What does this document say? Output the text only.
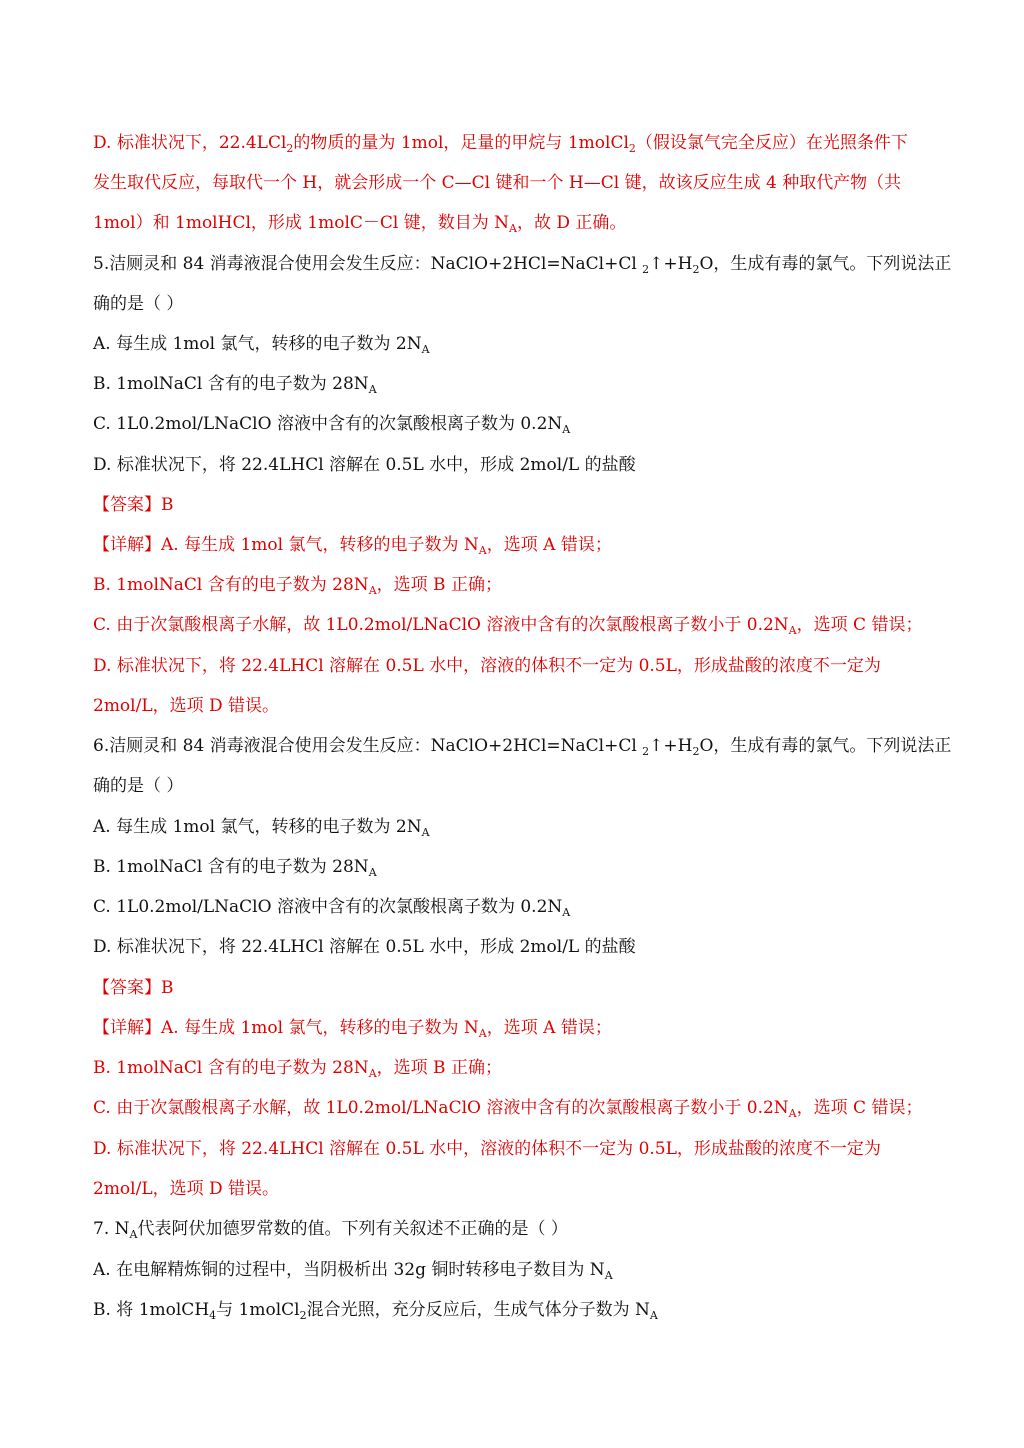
D. 标准状况下，22.4LCl$_2$的物质的量为 1mol，足量的甲烷与 1molCl$_2$（假设氯气完全反应）在光照条件下
发生取代反应，每取代一个 H，就会形成一个 C—Cl 键和一个 H—Cl 键，故该反应生成 4 种取代产物（共
1mol）和 1molHCl，形成 1molC－Cl 键，数目为 $N_A$，故 D 正确。
5.洁厕灵和 84 消毒液混合使用会发生反应：NaClO+2HCl=NaCl+Cl $_2↑+H_2O$，生成有毒的氯气。下列说法正
确的是（ ）
A. 每生成 1mol 氯气，转移的电子数为 $2N_A$
B. 1molNaCl 含有的电子数为 $28N_A$
C. 1L0.2mol/LNaClO 溶液中含有的次氯酸根离子数为 $0.2N_A$
D. 标准状况下，将 22.4LHCl 溶解在 0.5L 水中，形成 2mol/L 的盐酸
【答案】B
【详解】A. 每生成 1mol 氯气，转移的电子数为 $N_A$，选项 A 错误；
B. 1molNaCl 含有的电子数为 $28N_A$，选项 B 正确；
C. 由于次氯酸根离子水解，故 1L0.2mol/LNaClO 溶液中含有的次氯酸根离子数小于 $0.2N_A$，选项 C 错误；
D. 标准状况下，将 22.4LHCl 溶解在 0.5L 水中，溶液的体积不一定为 0.5L，形成盐酸的浓度不一定为
2mol/L，选项 D 错误。
6.洁厕灵和 84 消毒液混合使用会发生反应：NaClO+2HCl=NaCl+Cl $_2↑+H_2O$，生成有毒的氯气。下列说法正
确的是（ ）
A. 每生成 1mol 氯气，转移的电子数为 $2N_A$
B. 1molNaCl 含有的电子数为 $28N_A$
C. 1L0.2mol/LNaClO 溶液中含有的次氯酸根离子数为 $0.2N_A$
D. 标准状况下，将 22.4LHCl 溶解在 0.5L 水中，形成 2mol/L 的盐酸
【答案】B
【详解】A. 每生成 1mol 氯气，转移的电子数为 $N_A$，选项 A 错误；
B. 1molNaCl 含有的电子数为 $28N_A$，选项 B 正确；
C. 由于次氯酸根离子水解，故 1L0.2mol/LNaClO 溶液中含有的次氯酸根离子数小于 $0.2N_A$，选项 C 错误；
D. 标准状况下，将 22.4LHCl 溶解在 0.5L 水中，溶液的体积不一定为 0.5L，形成盐酸的浓度不一定为
2mol/L，选项 D 错误。
7. $N_A$代表阿伏加德罗常数的值。下列有关叙述不正确的是（ ）
A. 在电解精炼铜的过程中，当阴极析出 32g 铜时转移电子数目为 $N_A$
B. 将 1molCH$_4$与 1molCl$_2$混合光照，充分反应后，生成气体分子数为 $N_A$
